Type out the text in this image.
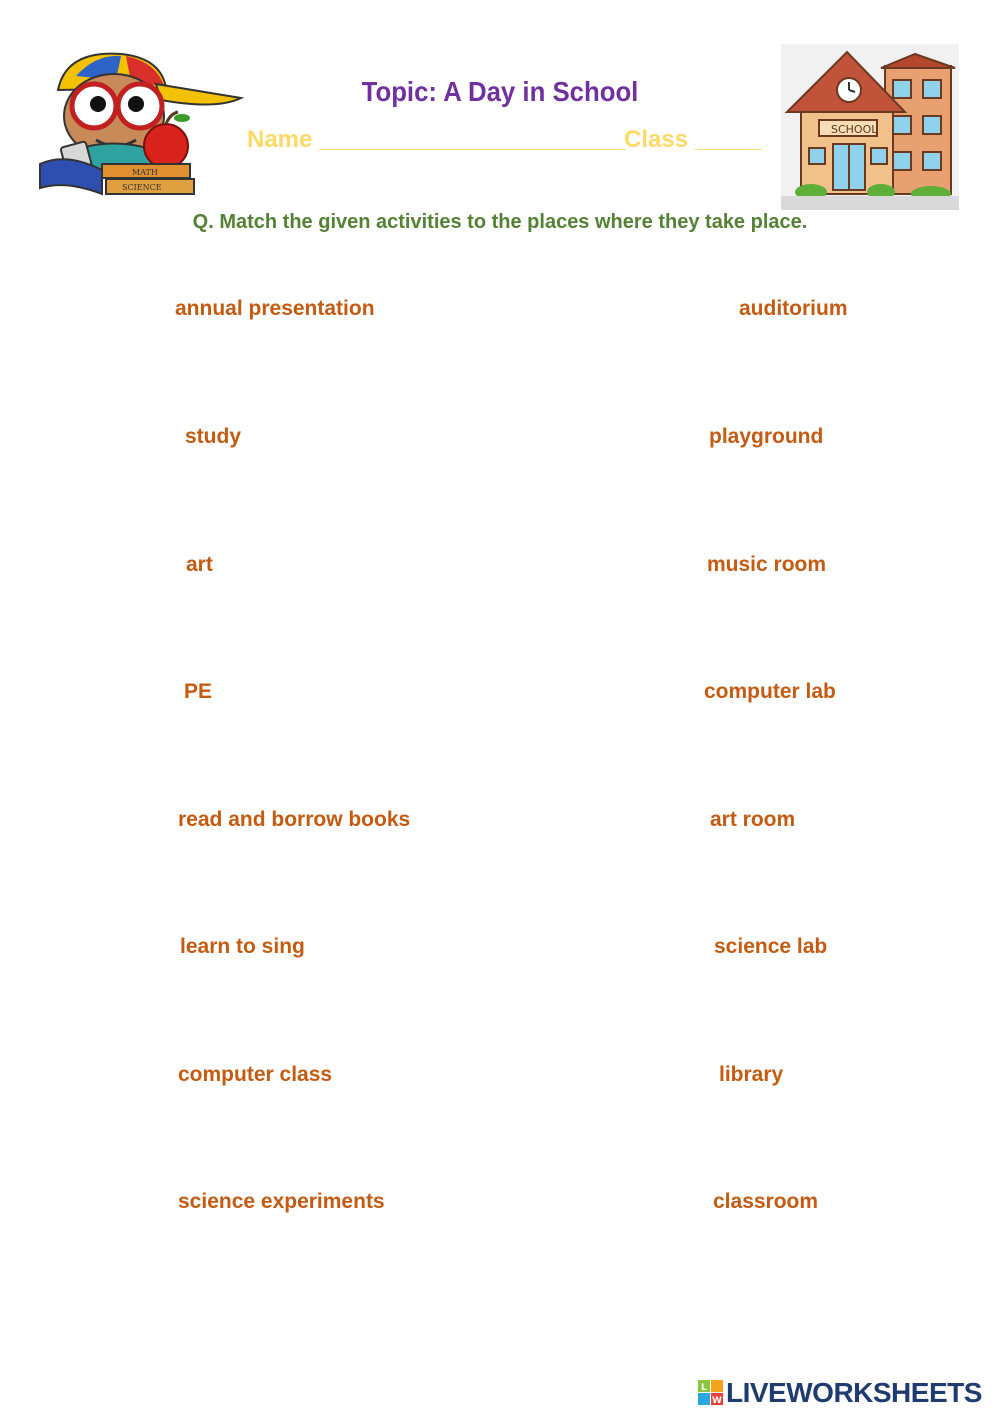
MATH
SCIENCE
SCHOOL
Topic: A Day in School
Name _______________________
Class _____
Q. Match the given activities to the places where they take place.
annual presentation
study
art
PE
read and borrow books
learn to sing
computer class
science experiments
auditorium
playground
music room
computer lab
art room
science lab
library
classroom
L
W LIVEWORKSHEETS
